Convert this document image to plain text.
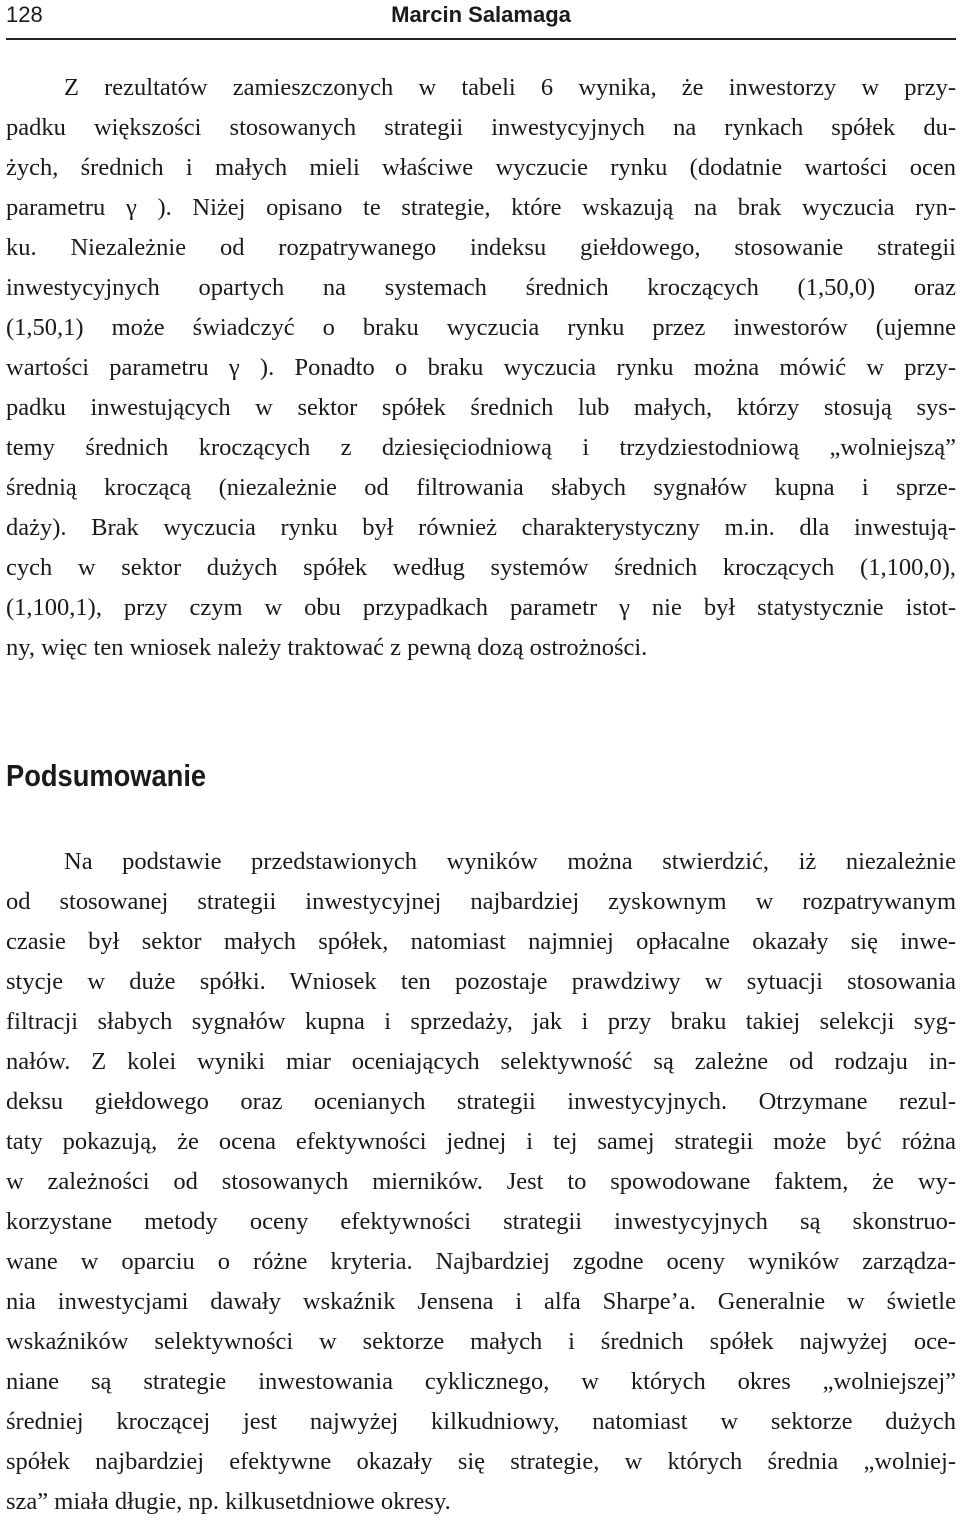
128	Marcin Salamaga
Z rezultatów zamieszczonych w tabeli 6 wynika, że inwestorzy w przy-
padku większości stosowanych strategii inwestycyjnych na rynkach spółek du-
żych, średnich i małych mieli właściwe wyczucie rynku (dodatnie wartości ocen
parametru γ ). Niżej opisano te strategie, które wskazują na brak wyczucia ryn-
ku. Niezależnie od rozpatrywanego indeksu giełdowego, stosowanie strategii
inwestycyjnych opartych na systemach średnich kroczących (1,50,0) oraz
(1,50,1) może świadczyć o braku wyczucia rynku przez inwestorów (ujemne
wartości parametru γ ). Ponadto o braku wyczucia rynku można mówić w przy-
padku inwestujących w sektor spółek średnich lub małych, którzy stosują sys-
temy średnich kroczących z dziesięciodniową i trzydziestodniową „wolniejszą”
średnią kroczącą (niezależnie od filtrowania słabych sygnałów kupna i sprze-
daży). Brak wyczucia rynku był również charakterystyczny m.in. dla inwestują-
cych w sektor dużych spółek według systemów średnich kroczących (1,100,0),
(1,100,1), przy czym w obu przypadkach parametr γ nie był statystycznie istot-
ny, więc ten wniosek należy traktować z pewną dozą ostrożności.
Podsumowanie
Na podstawie przedstawionych wyników można stwierdzić, iż niezależnie
od stosowanej strategii inwestycyjnej najbardziej zyskownym w rozpatrywanym
czasie był sektor małych spółek, natomiast najmniej opłacalne okazały się inwe-
stycje w duże spółki. Wniosek ten pozostaje prawdziwy w sytuacji stosowania
filtracji słabych sygnałów kupna i sprzedaży, jak i przy braku takiej selekcji syg-
nałów. Z kolei wyniki miar oceniających selektywność są zależne od rodzaju in-
deksu giełdowego oraz ocenianych strategii inwestycyjnych. Otrzymane rezul-
taty pokazują, że ocena efektywności jednej i tej samej strategii może być różna
w zależności od stosowanych mierników. Jest to spowodowane faktem, że wy-
korzystane metody oceny efektywności strategii inwestycyjnych są skonstruo-
wane w oparciu o różne kryteria. Najbardziej zgodne oceny wyników zarządza-
nia inwestycjami dawały wskaźnik Jensena i alfa Sharpe’a. Generalnie w świetle
wskaźników selektywności w sektorze małych i średnich spółek najwyżej oce-
niane są strategie inwestowania cyklicznego, w których okres „wolniejszej”
średniej kroczącej jest najwyżej kilkudniowy, natomiast w sektorze dużych
spółek najbardziej efektywne okazały się strategie, w których średnia „wolniej-
sza” miała długie, np. kilkusetdniowe okresy.
